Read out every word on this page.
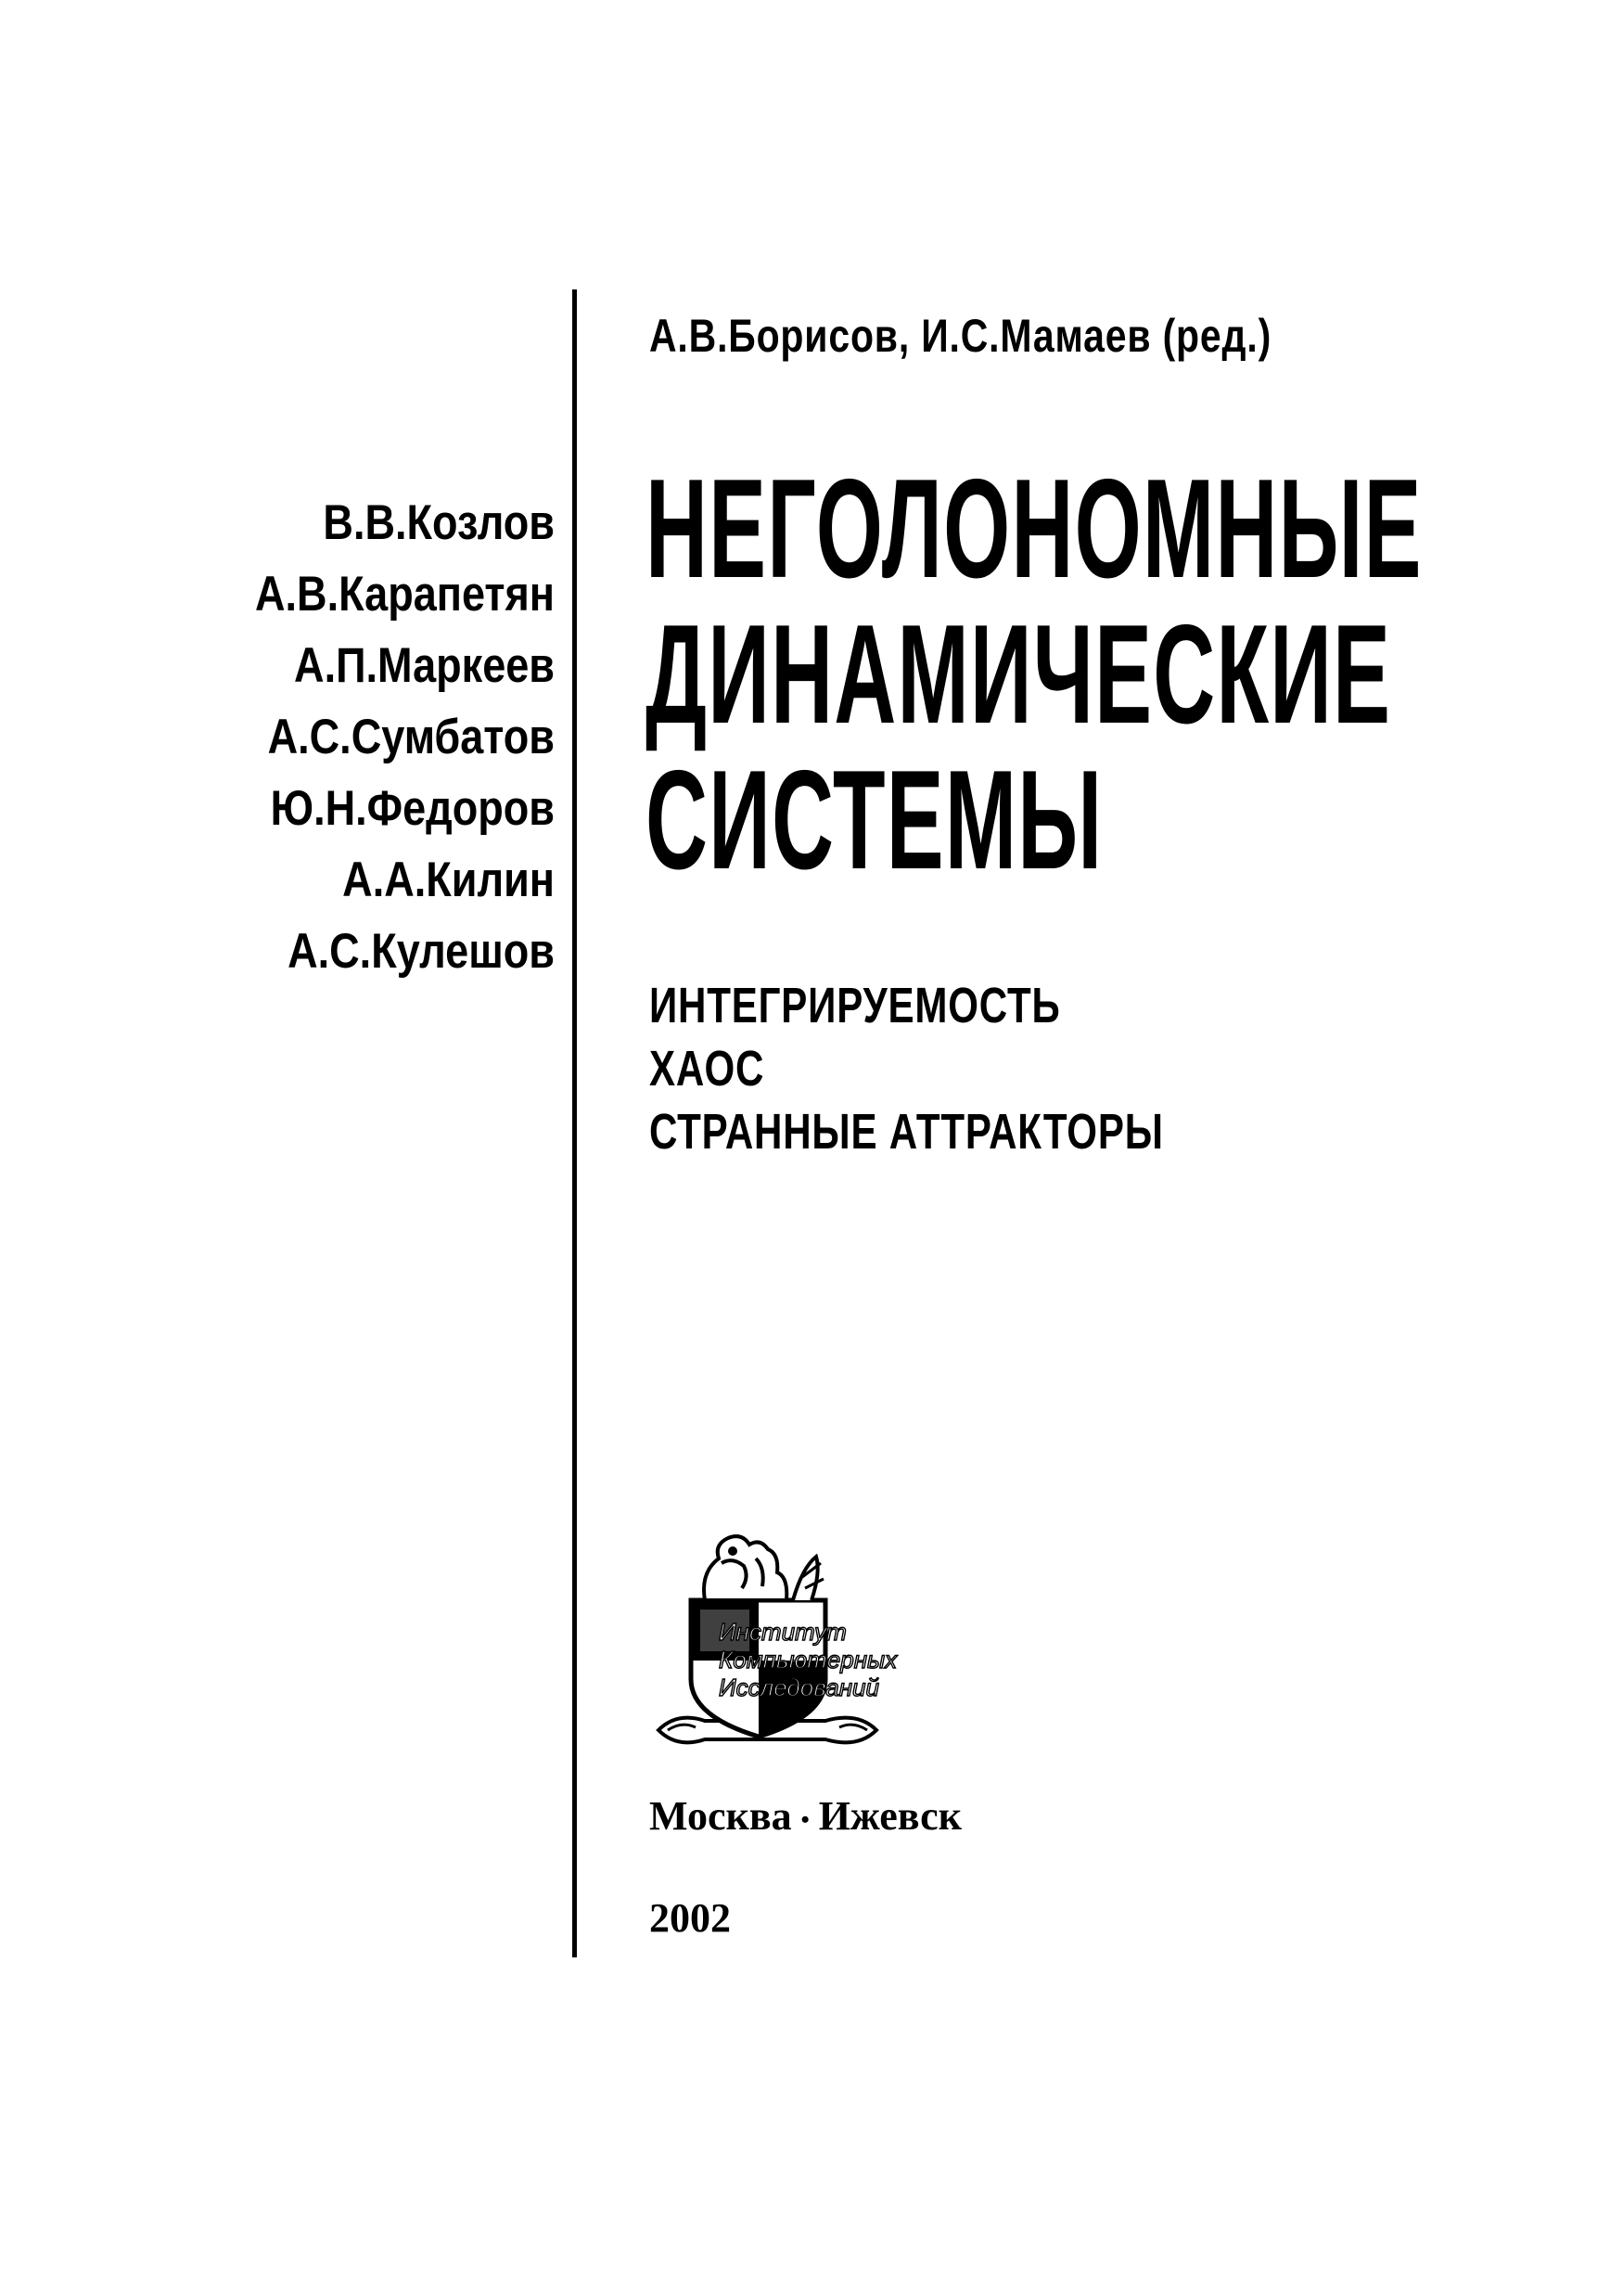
А.В.Борисов, И.С.Мамаев (ред.)
В.В.Козлов
А.В.Карапетян
А.П.Маркеев
А.С.Сумбатов
Ю.Н.Федоров
А.А.Килин
А.С.Кулешов
НЕГОЛОНОМНЫЕ
ДИНАМИЧЕСКИЕ
СИСТЕМЫ
ИНТЕГРИРУЕМОСТЬ
ХАОС
СТРАННЫЕ АТТРАКТОРЫ
Институт
Компьютерных
Исследований
Москва • Ижевск
2002
